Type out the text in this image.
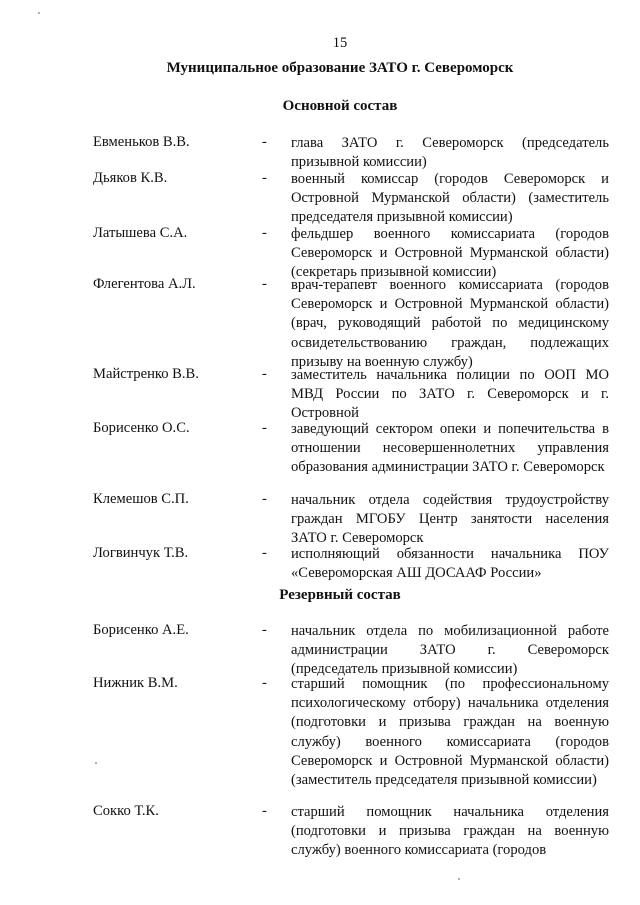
15
Муниципальное образование ЗАТО г. Североморск
Основной состав
Евменьков В.В.	- глава ЗАТО г. Североморск (председатель призывной комиссии)
Дьяков К.В.	- военный комиссар (городов Североморск и Островной Мурманской области) (заместитель председателя призывной комиссии)
Латышева С.А.	- фельдшер военного комиссариата (городов Североморск и Островной Мурманской области) (секретарь призывной комиссии)
Флегентова А.Л.	- врач-терапевт военного комиссариата (городов Североморск и Островной Мурманской области) (врач, руководящий работой по медицинскому освидетельствованию граждан, подлежащих призыву на военную службу)
Майстренко В.В.	- заместитель начальника полиции по ООП МО МВД России по ЗАТО г. Североморск и г. Островной
Борисенко О.С.	- заведующий сектором опеки и попечительства в отношении несовершеннолетних управления образования администрации ЗАТО г. Североморск
Клемешов С.П.	- начальник отдела содействия трудоустройству граждан МГОБУ Центр занятости населения ЗАТО г. Североморск
Логвинчук Т.В.	- исполняющий обязанности начальника ПОУ «Североморская АШ ДОСААФ России»
Резервный состав
Борисенко А.Е.	- начальник отдела по мобилизационной работе администрации ЗАТО г. Североморск (председатель призывной комиссии)
Нижник В.М.	- старший помощник (по профессиональному психологическому отбору) начальника отделения (подготовки и призыва граждан на военную службу) военного комиссариата (городов Североморск и Островной Мурманской области) (заместитель председателя призывной комиссии)
Сокко Т.К.	- старший помощник начальника отделения (подготовки и призыва граждан на военную службу) военного комиссариата (городов
